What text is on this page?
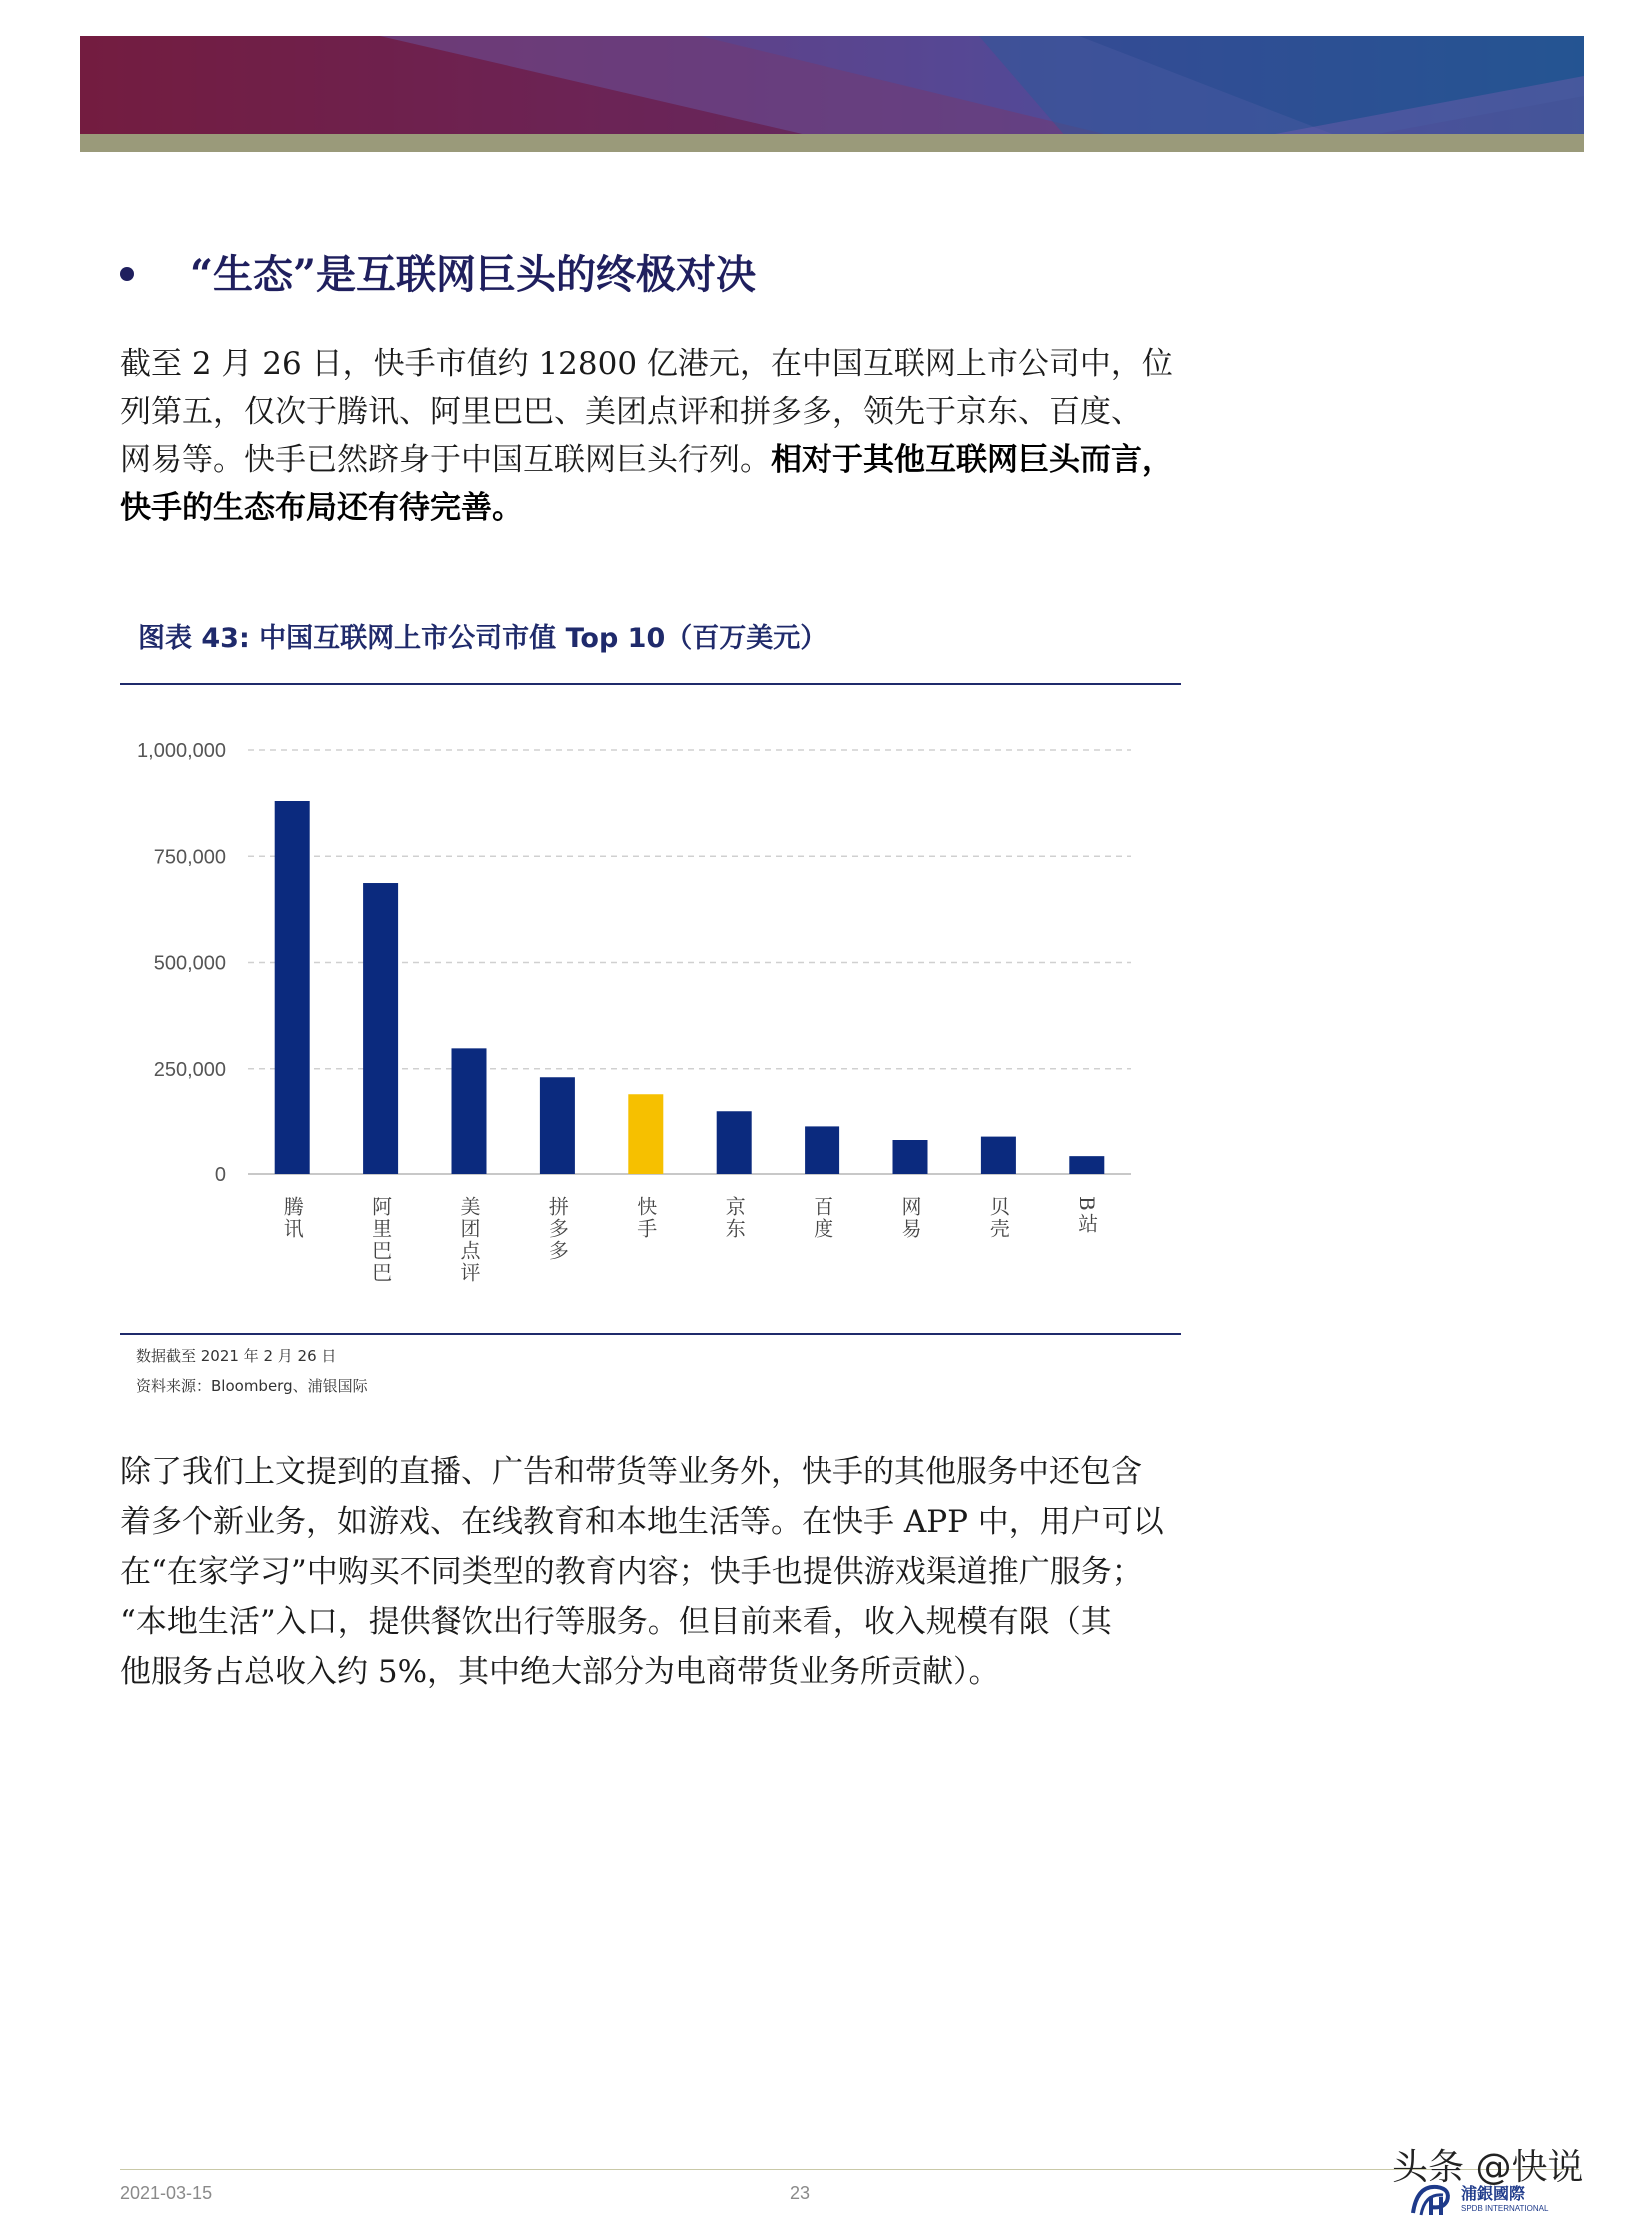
“生态”是互联网巨头的终极对决
截至 2 月 26 日，快手市值约 12800 亿港元，在中国互联网上市公司中，位
列第五，仅次于腾讯、阿里巴巴、美团点评和拼多多，领先于京东、百度、
网易等。快手已然跻身于中国互联网巨头行列。相对于其他互联网巨头而言，
快手的生态布局还有待完善。
图表 43: 中国互联网上市公司市值 Top 10（百万美元）
0
250,000
500,000
750,000
1,000,000
腾讯	阿里巴巴	美团点评	拼多多	快手	京东	百度	网易	贝壳	B站
数据截至 2021 年 2 月 26 日
资料来源：Bloomberg、浦银国际
除了我们上文提到的直播、广告和带货等业务外，快手的其他服务中还包含
着多个新业务，如游戏、在线教育和本地生活等。在快手 APP 中，用户可以
在“在家学习”中购买不同类型的教育内容；快手也提供游戏渠道推广服务；
“本地生活”入口，提供餐饮出行等服务。但目前来看，收入规模有限（其
他服务占总收入约 5%，其中绝大部分为电商带货业务所贡献）。
2021-03-15	23
头条 @快说
浦銀國際
SPDB INTERNATIONAL
